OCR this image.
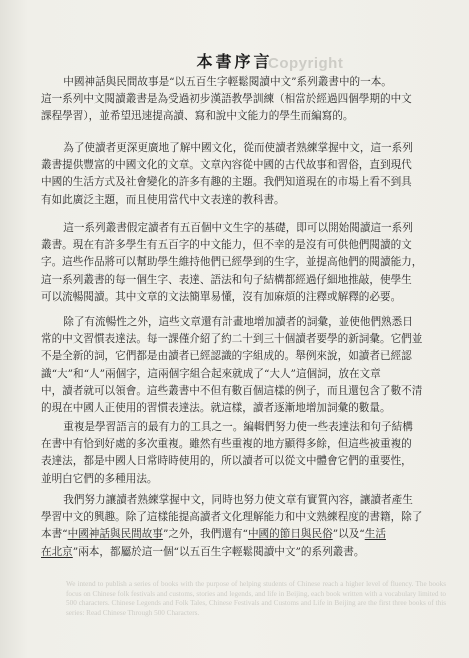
Copyright
本書序言
中國神話與民間故事是“以五百生字輕鬆閱讀中文”系列叢書中的一本。
這一系列中文閱讀叢書是為受過初步漢語教學訓練（相當於經過四個學期的中文
課程學習），並希望迅速提高讀、寫和說中文能力的學生而編寫的。
為了使讀者更深更廣地了解中國文化，從而使讀者熟練掌握中文，這一系列
叢書提供豐富的中國文化的文章。文章內容從中國的古代故事和習俗，直到現代
中國的生活方式及社會變化的許多有趣的主題。我們知道現在的市場上看不到具
有如此廣泛主題，而且使用當代中文表達的教科書。
這一系列叢書假定讀者有五百個中文生字的基礎，即可以開始閱讀這一系列
叢書。現在有許多學生有五百字的中文能力，但不幸的是沒有可供他們閱讀的文
字。這些作品將可以幫助學生維持他們已經學到的生字，並提高他們的閱讀能力，
這一系列叢書的每一個生字、表達、語法和句子結構都經過仔細地推敲，使學生
可以流暢閱讀。其中文章的文法簡單易懂，沒有加麻煩的注釋或解釋的必要。
除了有流暢性之外，這些文章還有計畫地增加讀者的詞彙，並使他們熟悉日
常的中文習慣表達法。每一課僅介紹了約二十到三十個讀者要學的新詞彙。它們並
不是全新的詞，它們都是由讀者已經認識的字組成的。舉例來說，如讀者已經認
識“大”和“人”兩個字，這兩個字組合起來就成了“大人”這個詞，放在文章
中，讀者就可以領會。這些叢書中不但有數百個這樣的例子，而且還包含了數不清
的現在中國人正使用的習慣表達法。就這樣，讀者逐漸地增加詞彙的數量。
重複是學習語言的最有力的工具之一。編輯們努力使一些表達法和句子結構
在書中有恰到好處的多次重複。雖然有些重複的地方顯得多餘，但這些被重複的
表達法，都是中國人日常時時使用的，所以讀者可以從文中體會它們的重要性，
並明白它們的多種用法。
我們努力讓讀者熟練掌握中文，同時也努力使文章有實質內容，讓讀者產生
學習中文的興趣。除了這樣能提高讀者文化理解能力和中文熟練程度的書籍，除了
本書“中國神話與民間故事”之外，我們還有“中國的節日與民俗”以及“生活
在北京”兩本，都屬於這一個“以五百生字輕鬆閱讀中文”的系列叢書。
We intend to publish a series of books with the purpose of helping students of Chinese reach a higher level of fluency. The books focus on Chinese folk festivals and customs, stories and legends, and life in Beijing, each book written with a vocabulary limited to 500 characters. Chinese Legends and Folk Tales, Chinese Festivals and Customs and Life in Beijing are the first three books of this series: Read Chinese Through 500 Characters.
